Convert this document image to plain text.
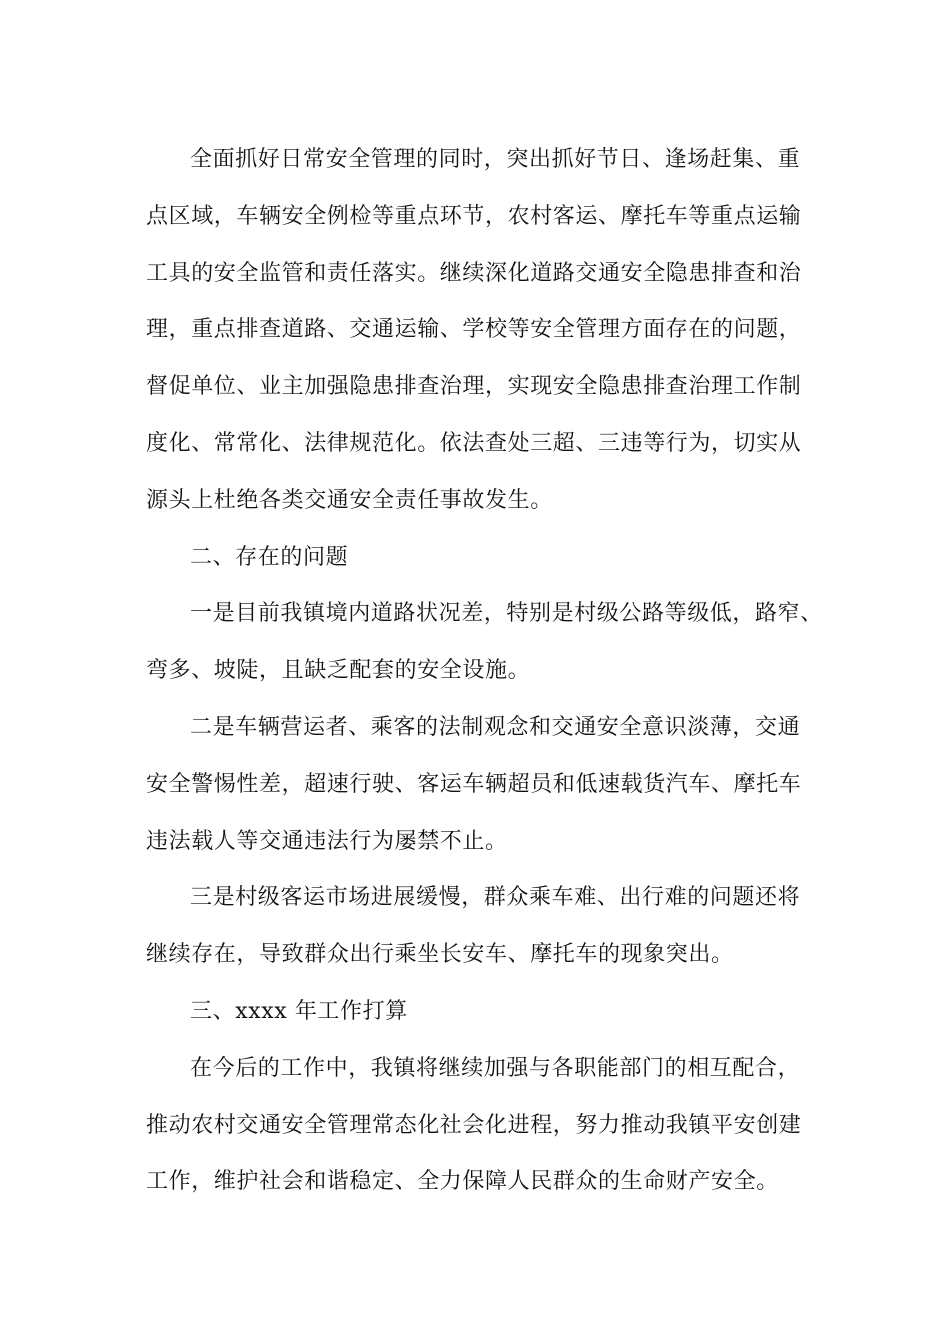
全面抓好日常安全管理的同时，突出抓好节日、逢场赶集、重
点区域，车辆安全例检等重点环节，农村客运、摩托车等重点运输
工具的安全监管和责任落实。继续深化道路交通安全隐患排查和治
理，重点排查道路、交通运输、学校等安全管理方面存在的问题，
督促单位、业主加强隐患排查治理，实现安全隐患排查治理工作制
度化、常常化、法律规范化。依法查处三超、三违等行为，切实从
源头上杜绝各类交通安全责任事故发生。
二、存在的问题
一是目前我镇境内道路状况差，特别是村级公路等级低，路窄、
弯多、坡陡，且缺乏配套的安全设施。
二是车辆营运者、乘客的法制观念和交通安全意识淡薄，交通
安全警惕性差，超速行驶、客运车辆超员和低速载货汽车、摩托车
违法载人等交通违法行为屡禁不止。
三是村级客运市场进展缓慢，群众乘车难、出行难的问题还将
继续存在，导致群众出行乘坐长安车、摩托车的现象突出。
三、xxxx 年工作打算
在今后的工作中，我镇将继续加强与各职能部门的相互配合，
推动农村交通安全管理常态化社会化进程，努力推动我镇平安创建
工作，维护社会和谐稳定、全力保障人民群众的生命财产安全。
